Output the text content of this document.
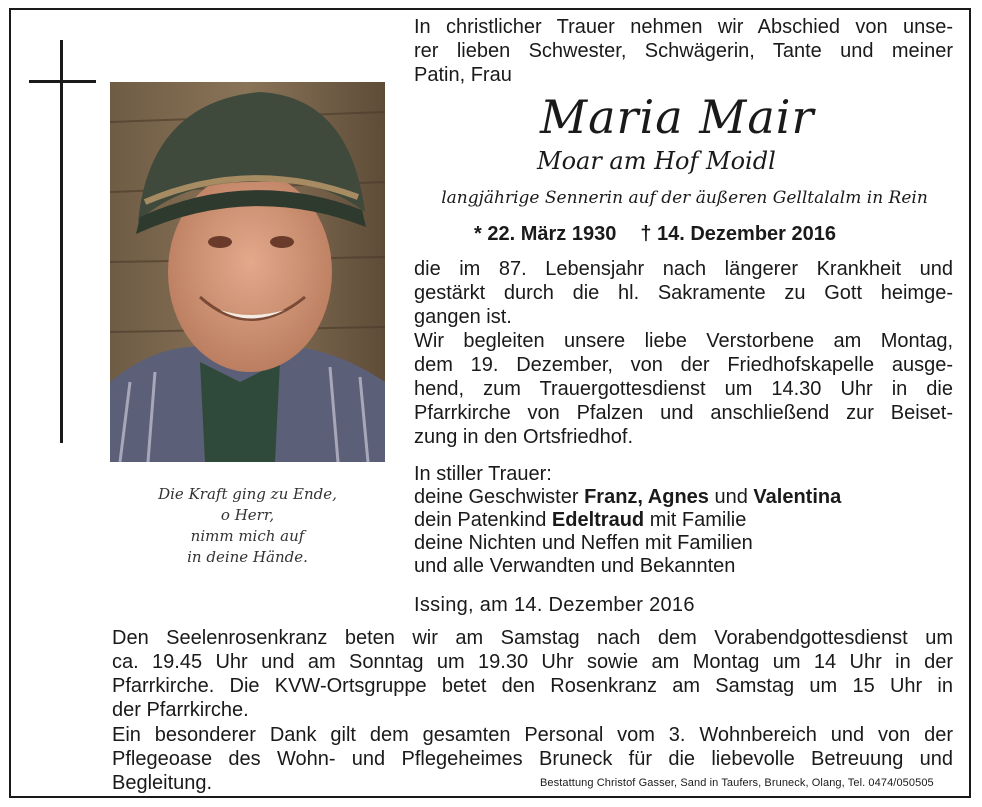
Die Kraft ging zu Ende,
o Herr,
nimm mich auf
in deine Hände.
In christlicher Trauer nehmen wir Abschied von unse-
rer lieben Schwester, Schwägerin, Tante und meiner
Patin, Frau
Maria Mair
Moar am Hof Moidl
langjährige Sennerin auf der äußeren Gelltalalm in Rein
* 22. März 1930 † 14. Dezember 2016
die im 87. Lebensjahr nach längerer Krankheit und
gestärkt durch die hl. Sakramente zu Gott heimge-
gangen ist.
Wir begleiten unsere liebe Verstorbene am Montag,
dem 19. Dezember, von der Friedhofskapelle ausge-
hend, zum Trauergottesdienst um 14.30 Uhr in die
Pfarrkirche von Pfalzen und anschließend zur Beiset-
zung in den Ortsfriedhof.
In stiller Trauer:
deine Geschwister Franz, Agnes und Valentina
dein Patenkind Edeltraud mit Familie
deine Nichten und Neffen mit Familien
und alle Verwandten und Bekannten
Issing, am 14. Dezember 2016
Den Seelenrosenkranz beten wir am Samstag nach dem Vorabendgottesdienst um
ca. 19.45 Uhr und am Sonntag um 19.30 Uhr sowie am Montag um 14 Uhr in der
Pfarrkirche. Die KVW-Ortsgruppe betet den Rosenkranz am Samstag um 15 Uhr in
der Pfarrkirche.
Ein besonderer Dank gilt dem gesamten Personal vom 3. Wohnbereich und von der
Pflegeoase des Wohn- und Pflegeheimes Bruneck für die liebevolle Betreuung und
Begleitung.	Bestattung Christof Gasser, Sand in Taufers, Bruneck, Olang, Tel. 0474/050505
